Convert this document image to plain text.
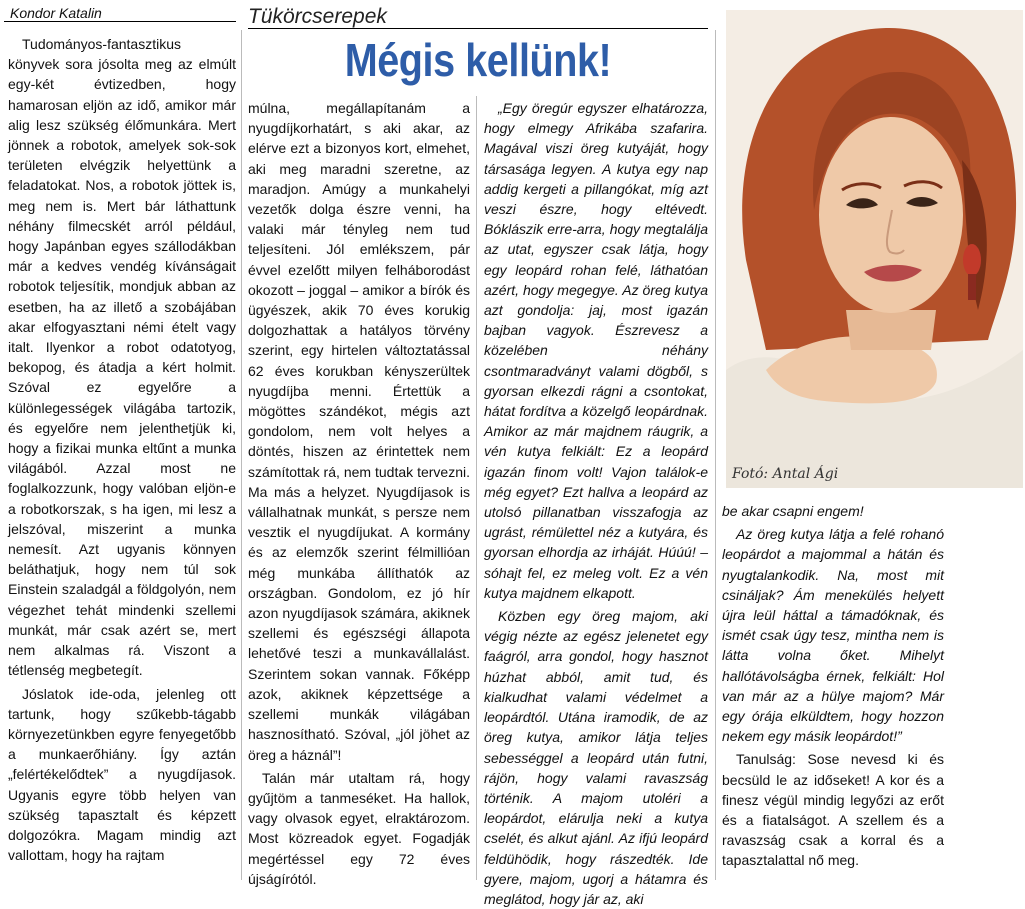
Kondor Katalin	Tükörcserepek
Mégis kellünk!

Tudományos-fantasztikus könyvek sora jósolta meg az elmúlt egy-két évtizedben, hogy hamarosan eljön az idő, amikor már alig lesz szükség élőmunkára. Mert jönnek a robotok, amelyek sok-sok területen elvégzik helyettünk a feladatokat. Nos, a robotok jöttek is, meg nem is. Mert bár láthattunk néhány filmecskét arról például, hogy Japánban egyes szállodákban már a kedves vendég kívánságait robotok teljesítik, mondjuk abban az esetben, ha az illető a szobájában akar elfogyasztani némi ételt vagy italt. Ilyenkor a robot odatotyog, bekopog, és átadja a kért holmit. Szóval ez egyelőre a különlegességek világába tartozik, és egyelőre nem jelenthetjük ki, hogy a fizikai munka eltűnt a munka világából. Azzal most ne foglalkozzunk, hogy valóban eljön-e a robotkorszak, s ha igen, mi lesz a jelszóval, miszerint a munka nemesít. Azt ugyanis könnyen beláthatjuk, hogy nem túl sok Einstein szaladgál a földgolyón, nem végezhet tehát mindenki szellemi munkát, már csak azért se, mert nem alkalmas rá. Viszont a tétlenség megbetegít.

Jóslatok ide-oda, jelenleg ott tartunk, hogy szűkebb-tágabb környezetünkben egyre fenyegetőbb a munkaerőhiány. Így aztán „felértékelődtek” a nyugdíjasok. Ugyanis egyre több helyen van szükség tapasztalt és képzett dolgozókra. Magam mindig azt vallottam, hogy ha rajtam

múlna, megállapítanám a nyugdíjkorhatárt, s aki akar, az elérve ezt a bizonyos kort, elmehet, aki meg maradni szeretne, az maradjon. Amúgy a munkahelyi vezetők dolga észre venni, ha valaki már tényleg nem tud teljesíteni. Jól emlékszem, pár évvel ezelőtt milyen felháborodást okozott – joggal – amikor a bírók és ügyészek, akik 70 éves korukig dolgozhattak a hatályos törvény szerint, egy hirtelen változtatással 62 éves korukban kényszerültek nyugdíjba menni. Értettük a mögöttes szándékot, mégis azt gondolom, nem volt helyes a döntés, hiszen az érintettek nem számítottak rá, nem tudtak tervezni. Ma más a helyzet. Nyugdíjasok is vállalhatnak munkát, s persze nem vesztik el nyugdíjukat. A kormány és az elemzők szerint félmillióan még munkába állíthatók az országban. Gondolom, ez jó hír azon nyugdíjasok számára, akiknek szellemi és egészségi állapota lehetővé teszi a munkavállalást. Szerintem sokan vannak. Főképp azok, akiknek képzettsége a szellemi munkák világában hasznosítható. Szóval, „jól jöhet az öreg a háznál”!

Talán már utaltam rá, hogy gyűjtöm a tanmeséket. Ha hallok, vagy olvasok egyet, elraktározom. Most közreadok egyet. Fogadják megértéssel egy 72 éves újságírótól.

„Egy öregúr egyszer elhatározza, hogy elmegy Afrikába szafarira. Magával viszi öreg kutyáját, hogy társasága legyen. A kutya egy nap addig kergeti a pillangókat, míg azt veszi észre, hogy eltévedt. Bóklászik erre-arra, hogy megtalálja az utat, egyszer csak látja, hogy egy leopárd rohan felé, láthatóan azért, hogy megegye. Az öreg kutya azt gondolja: jaj, most igazán bajban vagyok. Észrevesz a közelében néhány csontmaradványt valami dögből, s gyorsan elkezdi rágni a csontokat, hátat fordítva a közelgő leopárdnak. Amikor az már majdnem ráugrik, a vén kutya felkiált: Ez a leopárd igazán finom volt! Vajon találok-e még egyet? Ezt hallva a leopárd az utolsó pillanatban visszafogja az ugrást, rémülettel néz a kutyára, és gyorsan elhordja az irháját. Húúú! – sóhajt fel, ez meleg volt. Ez a vén kutya majdnem elkapott.

Közben egy öreg majom, aki végig nézte az egész jelenetet egy faágról, arra gondol, hogy hasznot húzhat abból, amit tud, és kialkudhat valami védelmet a leopárdtól. Utána iramodik, de az öreg kutya, amikor látja teljes sebességgel a leopárd után futni, rájön, hogy valami ravaszság történik. A majom utoléri a leopárdot, elárulja neki a kutya cselét, és alkut ajánl. Az ifjú leopárd feldühödik, hogy rászedték. Ide gyere, majom, ugorj a hátamra és meglátod, hogy jár az, aki

Fotó: Antal Ági

be akar csapni engem!

Az öreg kutya látja a felé rohanó leopárdot a majommal a hátán és nyugtalankodik. Na, most mit csináljak? Ám menekülés helyett újra leül háttal a támadóknak, és ismét csak úgy tesz, mintha nem is látta volna őket. Mihelyt hallótávolságba érnek, felkiált: Hol van már az a hülye majom? Már egy órája elküldtem, hogy hozzon nekem egy másik leopárdot!”

Tanulság: Sose nevesd ki és becsüld le az időseket! A kor és a finesz végül mindig legyőzi az erőt és a fiatalságot. A szellem és a ravaszság csak a korral és a tapasztalattal nő meg.
